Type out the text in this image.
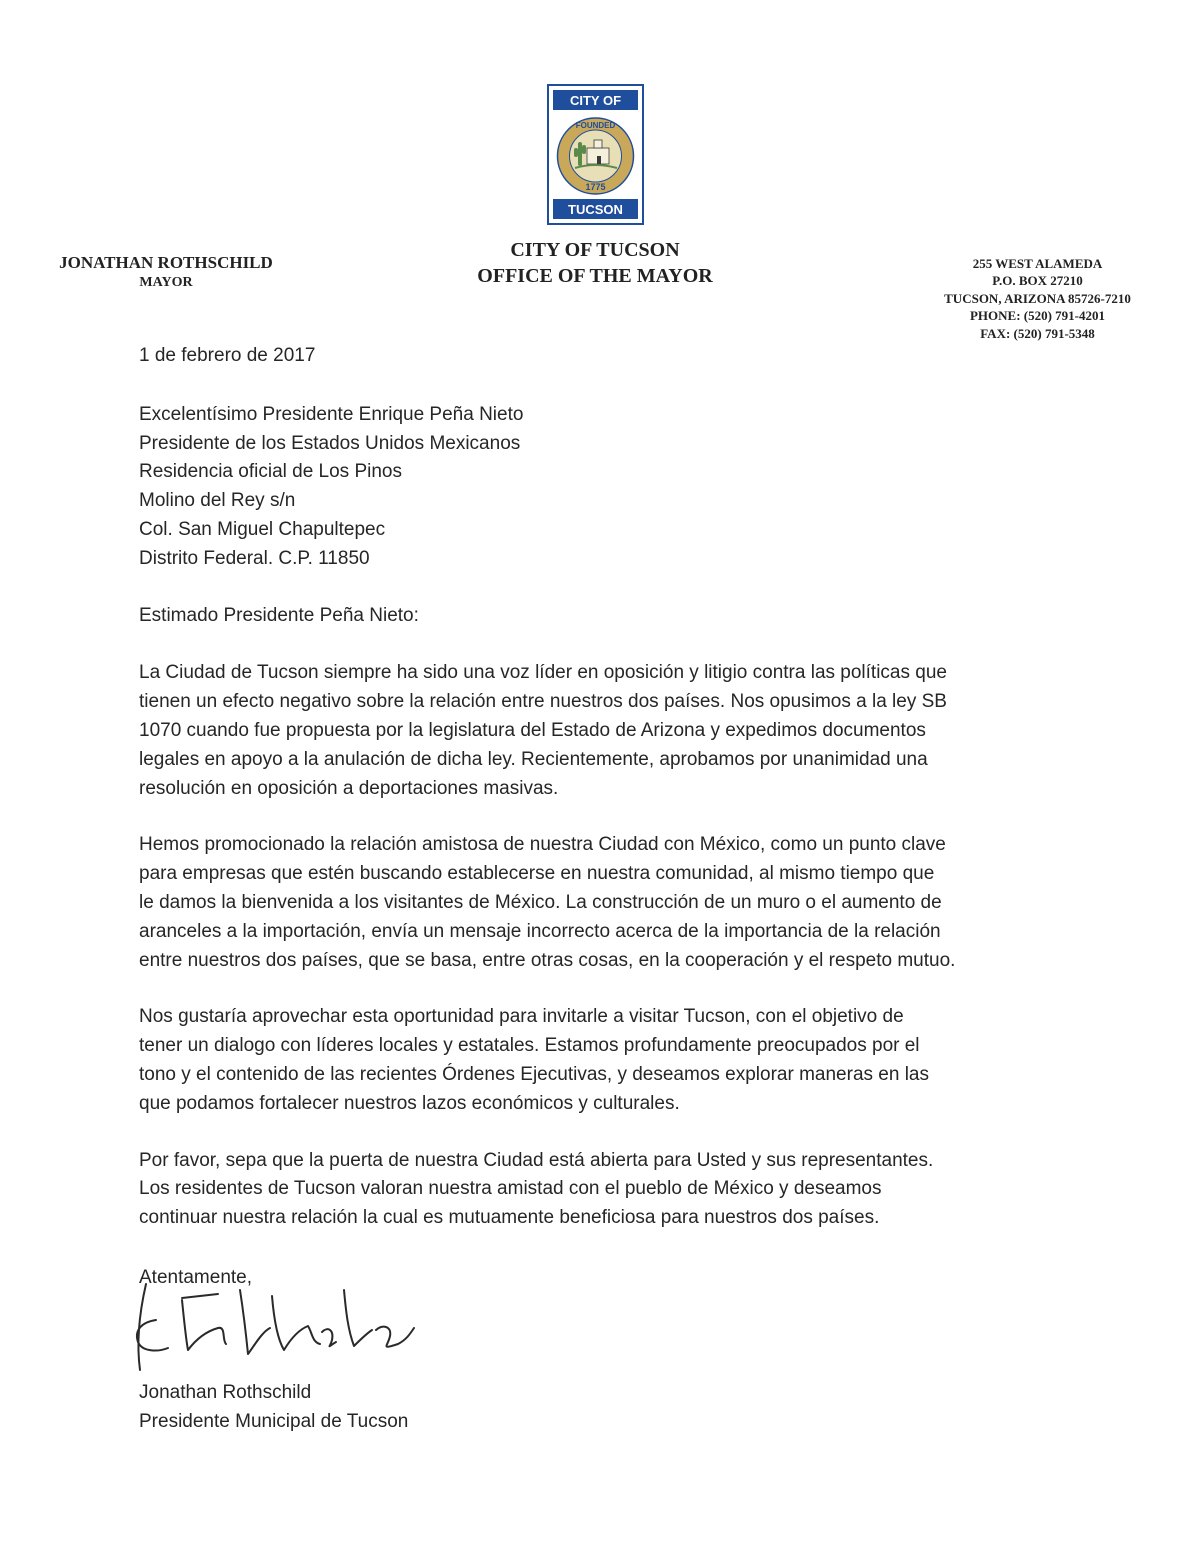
CITY OF
FOUNDED
1775
TUCSON
JONATHAN ROTHSCHILD
MAYOR
CITY OF TUCSON
OFFICE OF THE MAYOR
255 WEST ALAMEDA
P.O. BOX 27210
TUCSON, ARIZONA 85726-7210
PHONE: (520) 791-4201
FAX: (520) 791-5348

1 de febrero de 2017

Excelentísimo Presidente Enrique Peña Nieto

Presidente de los Estados Unidos Mexicanos

Residencia oficial de Los Pinos

Molino del Rey s/n

Col. San Miguel Chapultepec

Distrito Federal. C.P. 11850

Estimado Presidente Peña Nieto:

La Ciudad de Tucson siempre ha sido una voz líder en oposición y litigio contra las políticas que

tienen un efecto negativo sobre la relación entre nuestros dos países. Nos opusimos a la ley SB

1070 cuando fue propuesta por la legislatura del Estado de Arizona y expedimos documentos

legales en apoyo a la anulación de dicha ley. Recientemente, aprobamos por unanimidad una

resolución en oposición a deportaciones masivas.

Hemos promocionado la relación amistosa de nuestra Ciudad con México, como un punto clave

para empresas que estén buscando establecerse en nuestra comunidad, al mismo tiempo que

le damos la bienvenida a los visitantes de México. La construcción de un muro o el aumento de

aranceles a la importación, envía un mensaje incorrecto acerca de la importancia de la relación

entre nuestros dos países, que se basa, entre otras cosas, en la cooperación y el respeto mutuo.

Nos gustaría aprovechar esta oportunidad para invitarle a visitar Tucson, con el objetivo de

tener un dialogo con líderes locales y estatales. Estamos profundamente preocupados por el

tono y el contenido de las recientes Órdenes Ejecutivas, y deseamos explorar maneras en las

que podamos fortalecer nuestros lazos económicos y culturales.

Por favor, sepa que la puerta de nuestra Ciudad está abierta para Usted y sus representantes.

Los residentes de Tucson valoran nuestra amistad con el pueblo de México y deseamos

continuar nuestra relación la cual es mutuamente beneficiosa para nuestros dos países.

Atentamente,
Jonathan Rothschild
Presidente Municipal de Tucson
